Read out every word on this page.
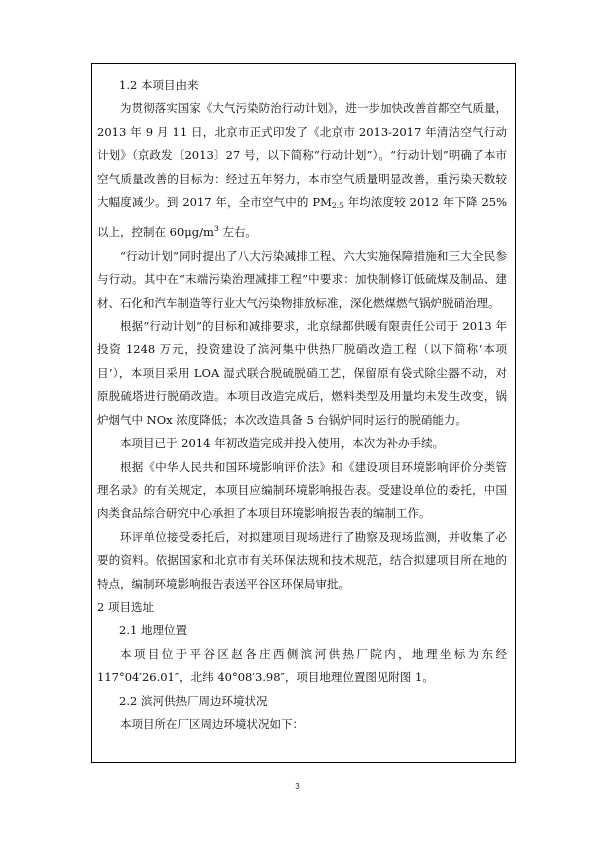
1.2 本项目由来

为贯彻落实国家《大气污染防治行动计划》，进一步加快改善首都空气质量，2013 年 9 月 11 日，北京市正式印发了《北京市 2013-2017 年清洁空气行动计划》（京政发〔2013〕27 号，以下简称“行动计划”）。“行动计划”明确了本市空气质量改善的目标为：经过五年努力，本市空气质量明显改善，重污染天数较大幅度减少。到 2017 年，全市空气中的 $PM_{2.5}$ 年均浓度较 2012 年下降 25%以上，控制在 $60\mu g/m^3$ 左右。

“行动计划”同时提出了八大污染减排工程、六大实施保障措施和三大全民参与行动。其中在“末端污染治理减排工程”中要求：加快制修订低硫煤及制品、建材、石化和汽车制造等行业大气污染物排放标准，深化燃煤燃气锅炉脱硝治理。

根据“行动计划”的目标和减排要求，北京绿都供暖有限责任公司于 2013 年投资 1248 万元，投资建设了滨河集中供热厂脱硝改造工程（以下简称‘本项目’），本项目采用 LOA 湿式联合脱硫脱硝工艺，保留原有袋式除尘器不动，对原脱硫塔进行脱硝改造。本项目改造完成后，燃料类型及用量均未发生改变，锅炉烟气中 NOx 浓度降低；本次改造具备 5 台锅炉同时运行的脱硝能力。

本项目已于 2014 年初改造完成并投入使用，本次为补办手续。

根据《中华人民共和国环境影响评价法》和《建设项目环境影响评价分类管理名录》的有关规定，本项目应编制环境影响报告表。受建设单位的委托，中国肉类食品综合研究中心承担了本项目环境影响报告表的编制工作。

环评单位接受委托后，对拟建项目现场进行了勘察及现场监测，并收集了必要的资料。依据国家和北京市有关环保法规和技术规范，结合拟建项目所在地的特点，编制环境影响报告表送平谷区环保局审批。

2 项目选址

2.1 地理位置

本项目位于平谷区赵各庄西侧滨河供热厂院内，地理坐标为东经 117°04′26.01″，北纬 40°08′3.98″，项目地理位置图见附图 1。

2.2 滨河供热厂周边环境状况

本项目所在厂区周边环境状况如下：

3
